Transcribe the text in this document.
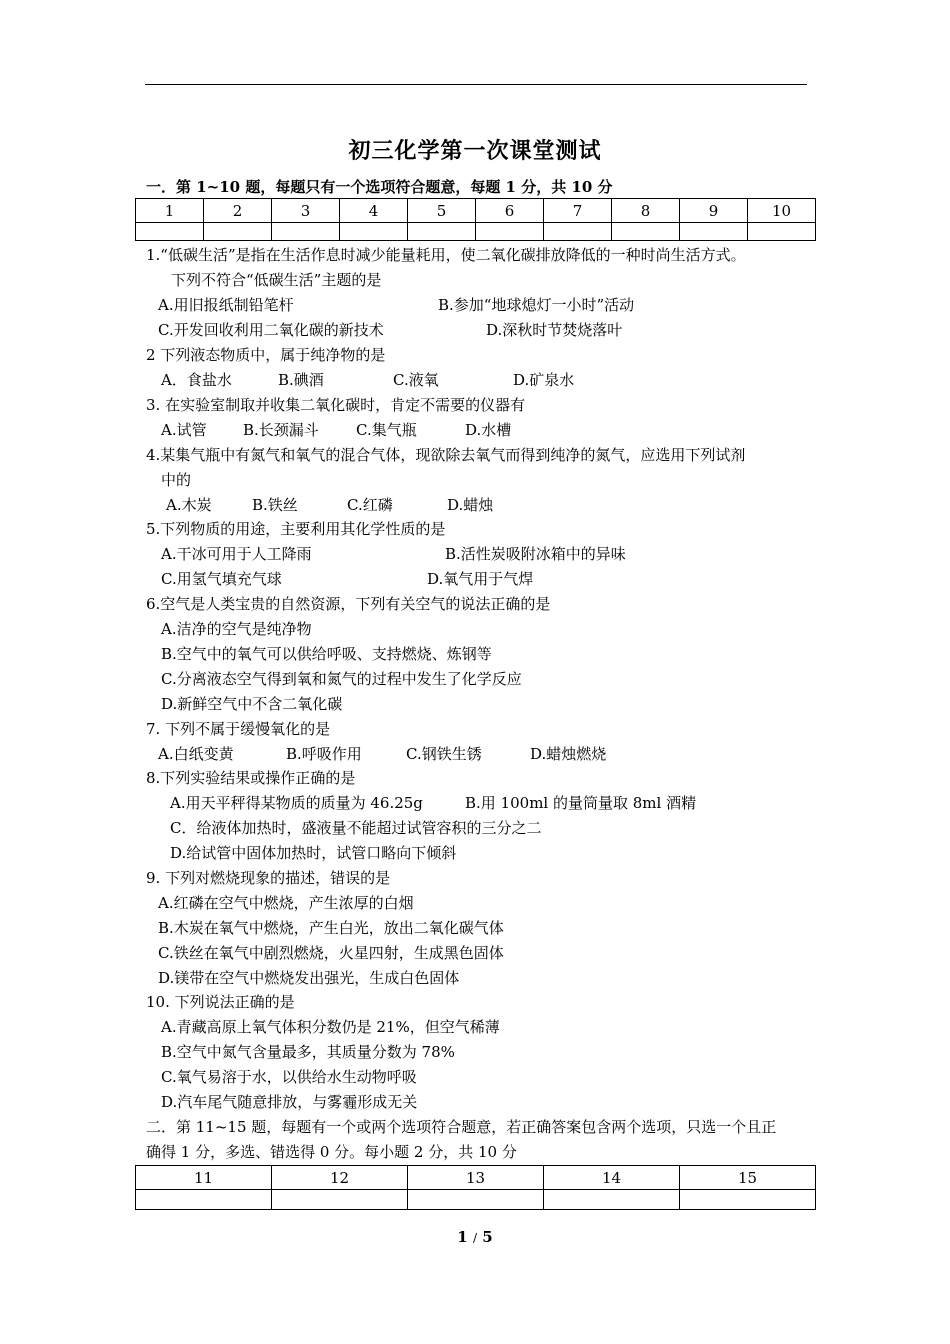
初三化学第一次课堂测试
一．第 1~10 题，每题只有一个选项符合题意，每题 1 分，共 10 分
1	2	3	4	5	6	7	8	9	10

1.“低碳生活”是指在生活作息时减少能量耗用，使二氧化碳排放降低的一种时尚生活方式。
下列不符合“低碳生活”主题的是
A.用旧报纸制铅笔杆	B.参加“地球熄灯一小时”活动
C.开发回收利用二氧化碳的新技术	D.深秋时节焚烧落叶
2 下列液态物质中，属于纯净物的是
A．食盐水	B.碘酒	C.液氧	D.矿泉水
3. 在实验室制取并收集二氧化碳时，肯定不需要的仪器有
A.试管 B.长颈漏斗 C.集气瓶	D.水槽
4.某集气瓶中有氮气和氧气的混合气体，现欲除去氧气而得到纯净的氮气，应选用下列试剂
中的
A.木炭	B.铁丝	C.红磷	D.蜡烛
5.下列物质的用途，主要利用其化学性质的是
A.干冰可用于人工降雨	B.活性炭吸附冰箱中的异味
C.用氢气填充气球	D.氧气用于气焊
6.空气是人类宝贵的自然资源，下列有关空气的说法正确的是
A.洁净的空气是纯净物
B.空气中的氧气可以供给呼吸、支持燃烧、炼钢等
C.分离液态空气得到氧和氮气的过程中发生了化学反应
D.新鲜空气中不含二氧化碳
7. 下列不属于缓慢氧化的是
A.白纸变黄	B.呼吸作用	C.钢铁生锈	D.蜡烛燃烧
8.下列实验结果或操作正确的是
A.用天平秤得某物质的质量为 46.25g	B.用 100ml 的量筒量取 8ml 酒精
C．给液体加热时，盛液量不能超过试管容积的三分之二
D.给试管中固体加热时，试管口略向下倾斜
9. 下列对燃烧现象的描述，错误的是
A.红磷在空气中燃烧，产生浓厚的白烟
B.木炭在氧气中燃烧，产生白光，放出二氧化碳气体
C.铁丝在氧气中剧烈燃烧，火星四射，生成黑色固体
D.镁带在空气中燃烧发出强光，生成白色固体
10. 下列说法正确的是
A.青藏高原上氧气体积分数仍是 21%，但空气稀薄
B.空气中氮气含量最多，其质量分数为 78%
C.氧气易溶于水，以供给水生动物呼吸
D.汽车尾气随意排放，与雾霾形成无关
二．第 11~15 题，每题有一个或两个选项符合题意，若正确答案包含两个选项，只选一个且正
确得 1 分，多选、错选得 0 分。每小题 2 分，共 10 分
11	12	13	14	15

1 / 5
